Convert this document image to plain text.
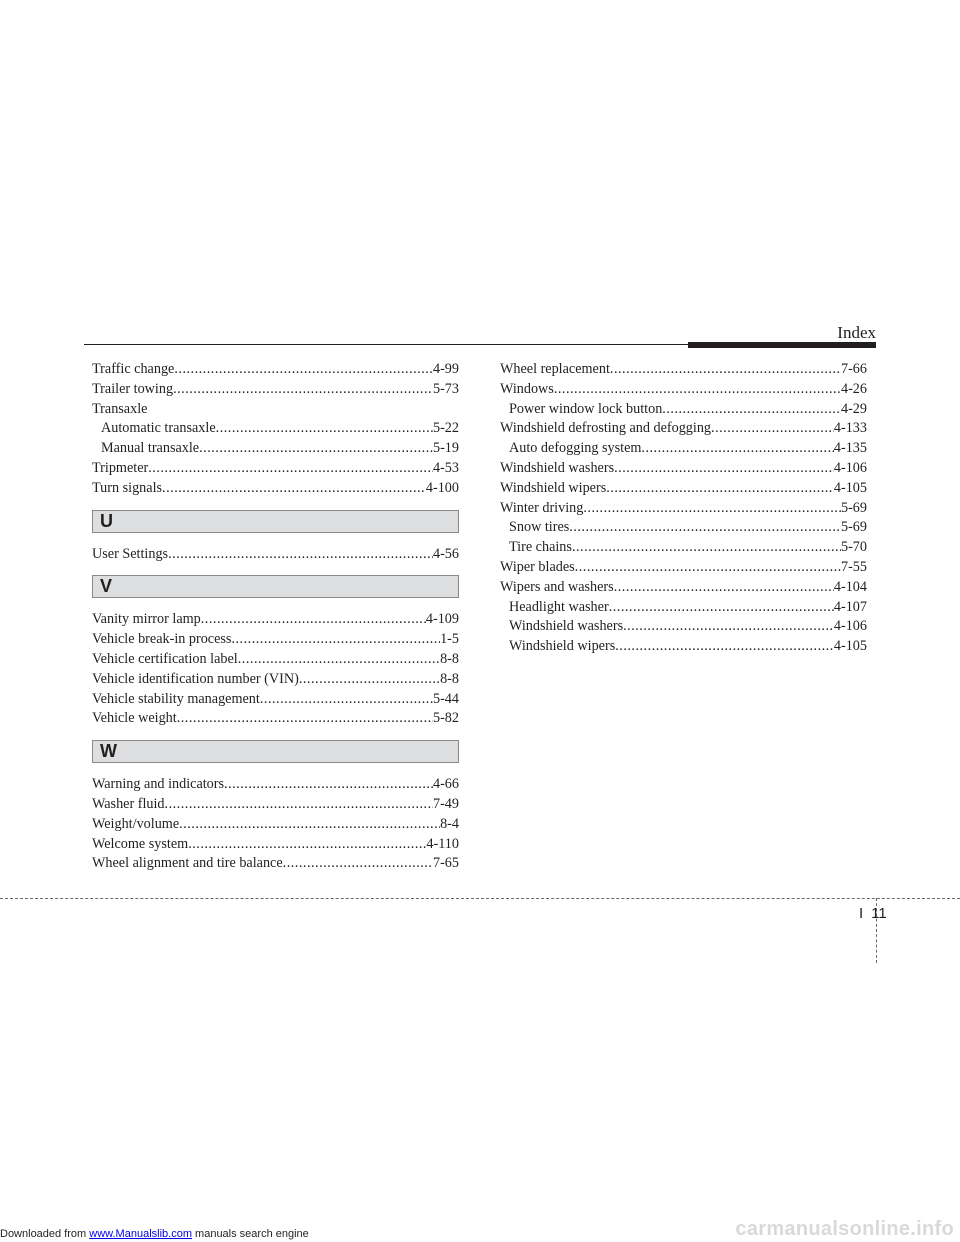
Index
Traffic change .....	4-99
Trailer towing .....	5-73
Transaxle
Automatic transaxle .....	5-22
Manual transaxle .....	5-19
Tripmeter .....	4-53
Turn signals .....	4-100
U
User Settings .....	4-56
V
Vanity mirror lamp .....	4-109
Vehicle break-in process .....	1-5
Vehicle certification label .....	8-8
Vehicle identification number (VIN) .....	8-8
Vehicle stability management .....	5-44
Vehicle weight .....	5-82
W
Warning and indicators .....	4-66
Washer fluid .....	7-49
Weight/volume .....	8-4
Welcome system .....	4-110
Wheel alignment and tire balance .....	7-65
Wheel replacement .....	7-66
Windows .....	4-26
Power window lock button .....	4-29
Windshield defrosting and defogging .....	4-133
Auto defogging system .....	4-135
Windshield washers .....	4-106
Windshield wipers .....	4-105
Winter driving .....	5-69
Snow tires .....	5-69
Tire chains .....	5-70
Wiper blades .....	7-55
Wipers and washers .....	4-104
Headlight washer .....	4-107
Windshield washers .....	4-106
Windshield wipers .....	4-105
I 11
Downloaded from www.Manualslib.com manuals search engine	carmanualsonline.info
